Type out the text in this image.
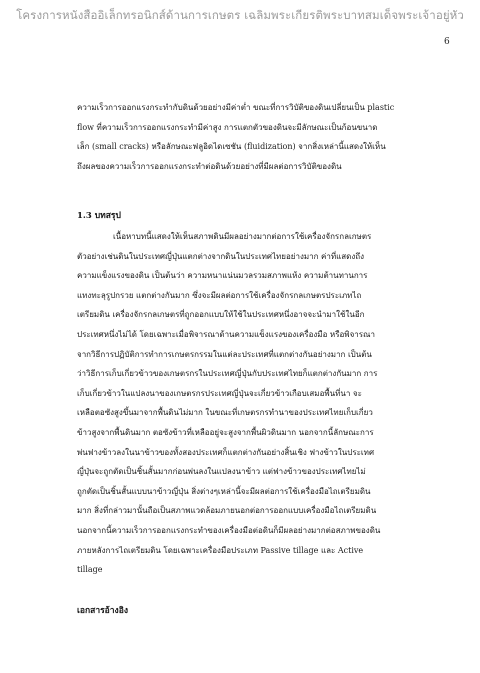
โครงการหนังสืออิเล็กทรอนิกส์ด้านการเกษตร เฉลิมพระเกียรติพระบาทสมเด็จพระเจ้าอยู่หัว
6
ความเร็วการออกแรงกระทำกับดินด้วยอย่างมีค่าต่ำ ขณะที่การวิบัติของดินเปลี่ยนเป็น plastic
flow ที่ความเร็วการออกแรงกระทำมีค่าสูง การแตกตัวของดินจะมีลักษณะเป็นก้อนขนาด
เล็ก (small cracks) หรือลักษณะฟลูอิดไดเซชัน (fluidization) จากสิ่งเหล่านี้แสดงให้เห็น
ถึงผลของความเร็วการออกแรงกระทำต่อดินด้วยอย่างที่มีผลต่อการวิบัติของดิน
1.3 บทสรุป
เนื้อหาบทนี้แสดงให้เห็นสภาพดินมีผลอย่างมากต่อการใช้เครื่องจักรกลเกษตร
ตัวอย่างเช่นดินในประเทศญี่ปุ่นแตกต่างจากดินในประเทศไทยอย่างมาก ค่าที่แสดงถึง
ความแข็งแรงของดิน เป็นต้นว่า ความหนาแน่นมวลรวมสภาพแห้ง ความต้านทานการ
แทงทะลุรูปกรวย แตกต่างกันมาก ซึ่งจะมีผลต่อการใช้เครื่องจักรกลเกษตรประเภทไถ
เตรียมดิน เครื่องจักรกลเกษตรที่ถูกออกแบบให้ใช้ในประเทศหนึ่งอาจจะนำมาใช้ในอีก
ประเทศหนึ่งไม่ได้ โดยเฉพาะเมื่อพิจารณาด้านความแข็งแรงของเครื่องมือ หรือพิจารณา
จากวิธีการปฏิบัติการทำการเกษตรกรรมในแต่ละประเทศที่แตกต่างกันอย่างมาก เป็นต้น
ว่าวิธีการเก็บเกี่ยวข้าวของเกษตรกรในประเทศญี่ปุ่นกับประเทศไทยก็แตกต่างกันมาก การ
เก็บเกี่ยวข้าวในแปลงนาของเกษตรกรประเทศญี่ปุ่นจะเกี่ยวข้าวเกือบเสมอพื้นที่นา จะ
เหลือตอซังสูงขึ้นมาจากพื้นดินไม่มาก ในขณะที่เกษตรกรทำนาของประเทศไทยเก็บเกี่ยว
ข้าวสูงจากพื้นดินมาก ตอซังข้าวที่เหลืออยู่จะสูงจากพื้นผิวดินมาก นอกจากนี้ลักษณะการ
พ่นฟางข้าวลงในนาข้าวของทั้งสองประเทศก็แตกต่างกันอย่างสิ้นเชิง ฟางข้าวในประเทศ
ญี่ปุ่นจะถูกตัดเป็นชิ้นสั้นมากก่อนพ่นลงในแปลงนาข้าว แต่ฟางข้าวของประเทศไทยไม่
ถูกตัดเป็นชิ้นสั้นแบบนาข้าวญี่ปุ่น สิ่งต่างๆเหล่านี้จะมีผลต่อการใช้เครื่องมือไถเตรียมดิน
มาก สิ่งที่กล่าวมานั้นถือเป็นสภาพแวดล้อมภายนอกต่อการออกแบบเครื่องมือไถเตรียมดิน
นอกจากนี้ความเร็วการออกแรงกระทำของเครื่องมือต่อดินก็มีผลอย่างมากต่อสภาพของดิน
ภายหลังการไถเตรียมดิน โดยเฉพาะเครื่องมือประเภท Passive tillage และ Active
tillage
เอกสารอ้างอิง
